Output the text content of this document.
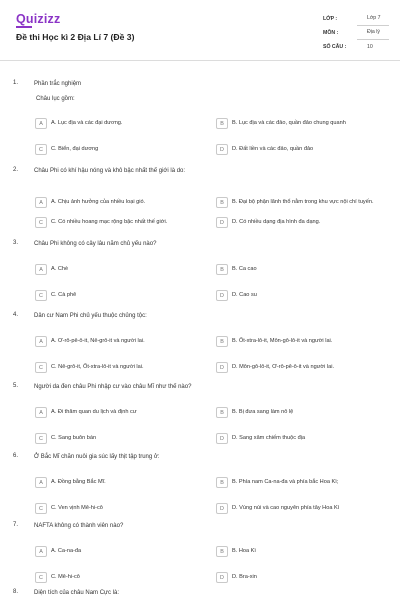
Quizizz
Đề thi Học kì 2 Địa Lí 7 (Đề 3)
LỚP :	Lớp 7
MÔN :	Địa lý
SỐ CÂU :	10
1.	Phần trắc nghiệm
Châu lục gồm:
A	A. Lục địa và các đại dương.	B	B. Lục địa và các đảo, quần đảo chung quanh
C	C. Biển, đại dương	D	D. Đất liền và các đảo, quần đảo
2.	Châu Phi có khí hậu nóng và khô bậc nhất thế giới là do:
A	A. Chịu ảnh hưởng của nhiều loại gió.	B	B. Đại bộ phận lãnh thổ nằm trong khu vực nội chí tuyến.
C	C. Có nhiều hoang mạc rộng bậc nhất thế giới.	D	D. Có nhiều dạng địa hình đa dạng.
3.	Châu Phi không có cây lâu năm chủ yếu nào?
A	A. Chè	B	B. Ca cao
C	C. Cà phê	D	D. Cao su
4.	Dân cư Nam Phi chủ yếu thuộc chủng tộc:
A	A. Ơ-rô-pê-ô-it, Nê-grô-it và người lai.	B	B. Ốt-xtra-lô-it, Môn-gô-lô-it và người lai.
C	C. Nê-grô-it, Ốt-xtra-lô-it và người lai.	D	D. Môn-gô-lô-it, Ơ-rô-pê-ô-it và người lai.
5.	Người da đen châu Phi nhập cư vào châu Mĩ như thế nào?
A	A. Đi thăm quan du lịch và định cư	B	B. Bị đưa sang làm nô lệ
C	C. Sang buôn bán	D	D. Sang xâm chiếm thuộc địa
6.	Ở Bắc Mĩ chăn nuôi gia súc lấy thịt tập trung ở:
A	A. Đồng bằng Bắc Mĩ.	B	B. Phía nam Ca-na-đa và phía bắc Hoa Kì;
C	C. Ven vịnh Mê-hi-cô	D	D. Vùng núi và cao nguyên phía tây Hoa Kì
7.	NAFTA không có thành viên nào?
A	A. Ca-na-đa	B	B. Hoa Kì
C	C. Mê-hi-cô	D	D. Bra-xin
8.	Diện tích của châu Nam Cực là:
